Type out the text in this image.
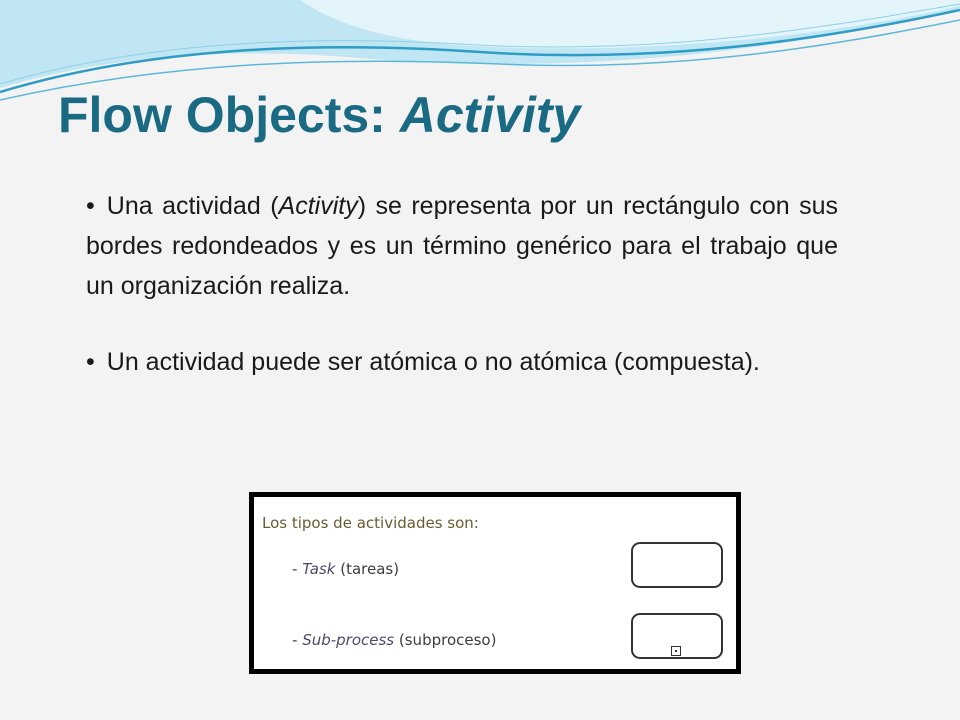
Flow Objects: Activity

• Una actividad (Activity) se representa por un rectángulo con sus bordes redondeados y es un término genérico para el trabajo que un organización realiza.

• Un actividad puede ser atómica o no atómica (compuesta).

Los tipos de actividades son:
- Task (tareas)
- Sub-process (subproceso)
